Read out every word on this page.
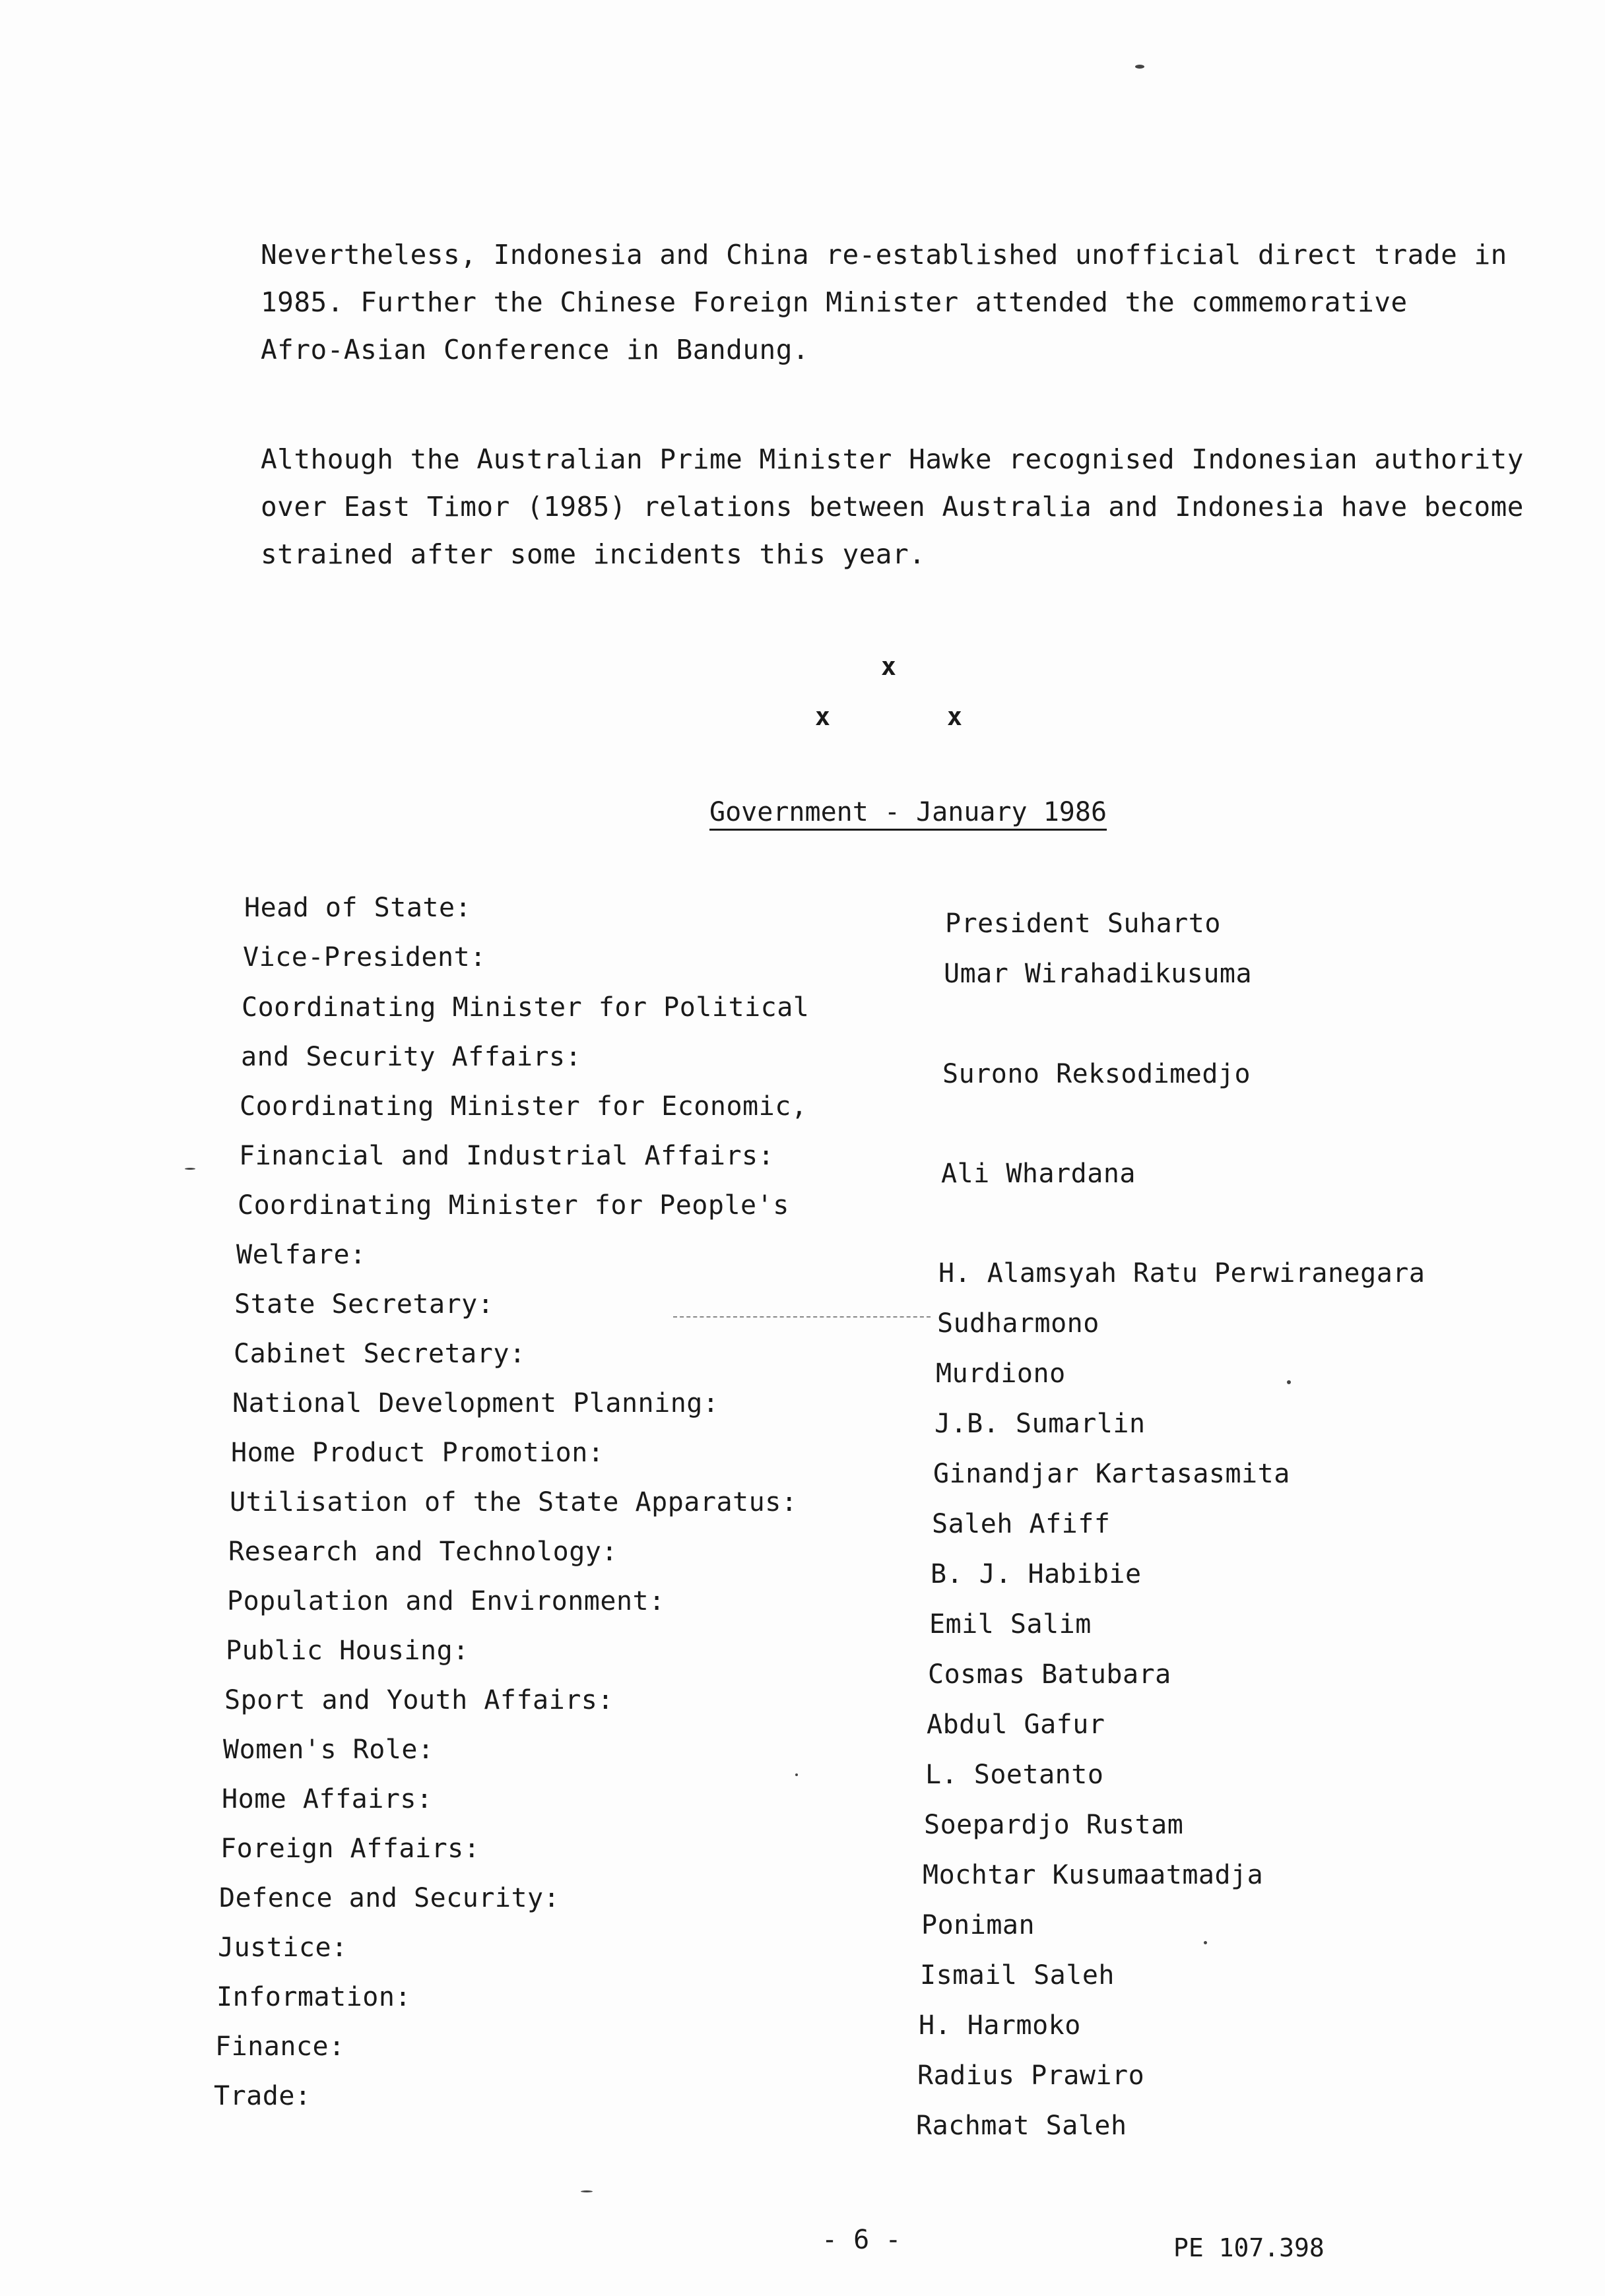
Nevertheless, Indonesia and China re-established unofficial direct trade in
1985. Further the Chinese Foreign Minister attended the commemorative
Afro-Asian Conference in Bandung.
Although the Australian Prime Minister Hawke recognised Indonesian authority
over East Timor (1985) relations between Australia and Indonesia have become
strained after some incidents this year.
x
x	x
Government - January 1986
Head of State:
Vice-President:
Coordinating Minister for Political
and Security Affairs:
Coordinating Minister for Economic,
Financial and Industrial Affairs:
Coordinating Minister for People's
Welfare:
State Secretary:
Cabinet Secretary:
National Development Planning:
Home Product Promotion:
Utilisation of the State Apparatus:
Research and Technology:
Population and Environment:
Public Housing:
Sport and Youth Affairs:
Women's Role:
Home Affairs:
Foreign Affairs:
Defence and Security:
Justice:
Information:
Finance:
Trade:
President Suharto
Umar Wirahadikusuma
Surono Reksodimedjo
Ali Whardana
H. Alamsyah Ratu Perwiranegara
Sudharmono
Murdiono
J.B. Sumarlin
Ginandjar Kartasasmita
Saleh Afiff
B. J. Habibie
Emil Salim
Cosmas Batubara
Abdul Gafur
L. Soetanto
Soepardjo Rustam
Mochtar Kusumaatmadja
Poniman
Ismail Saleh
H. Harmoko
Radius Prawiro
Rachmat Saleh
- 6 -	PE 107.398
